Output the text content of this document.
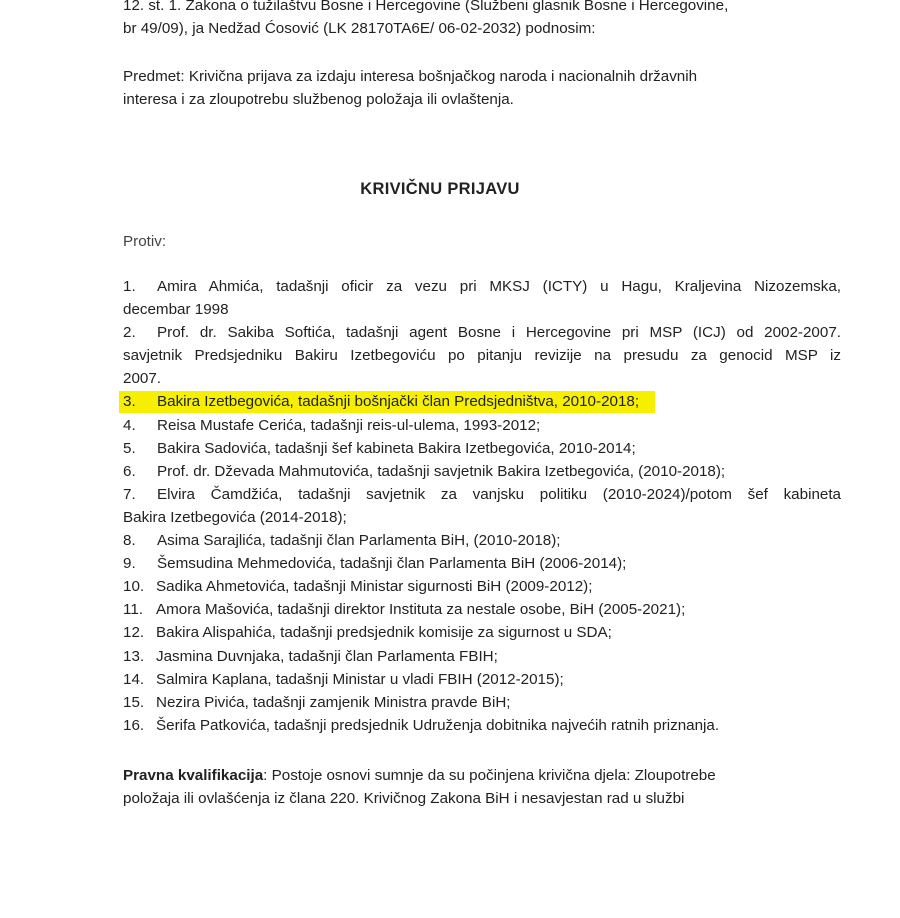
12. st. 1. Zakona o tužilaštvu Bosne i Hercegovine (Službeni glasnik Bosne i Hercegovine,
br 49/09), ja Nedžad Ćosović (LK 28170TA6E/ 06-02-2032) podnosim:
Predmet: Krivična prijava za izdaju interesa bošnjačkog naroda i nacionalnih državnih
interesa i za zloupotrebu službenog položaja ili ovlaštenja.
KRIVIČNU PRIJAVU
Protiv:
1. Amira Ahmića, tadašnji oficir za vezu pri MKSJ (ICTY) u Hagu, Kraljevina Nizozemska,
decembar 1998
2. Prof. dr. Sakiba Softića, tadašnji agent Bosne i Hercegovine pri MSP (ICJ) od 2002-2007.
savjetnik Predsjedniku Bakiru Izetbegoviću po pitanju revizije na presudu za genocid MSP iz
2007.
3. Bakira Izetbegovića, tadašnji bošnjački član Predsjedništva, 2010-2018;
4. Reisa Mustafe Cerića, tadašnji reis-ul-ulema, 1993-2012;
5. Bakira Sadovića, tadašnji šef kabineta Bakira Izetbegovića, 2010-2014;
6. Prof. dr. Dževada Mahmutovića, tadašnji savjetnik Bakira Izetbegovića, (2010-2018);
7. Elvira Čamdžića, tadašnji savjetnik za vanjsku politiku (2010-2024)/potom šef kabineta
Bakira Izetbegovića (2014-2018);
8. Asima Sarajlića, tadašnji član Parlamenta BiH, (2010-2018);
9. Šemsudina Mehmedovića, tadašnji član Parlamenta BiH (2006-2014);
10. Sadika Ahmetovića, tadašnji Ministar sigurnosti BiH (2009-2012);
11. Amora Mašovića, tadašnji direktor Instituta za nestale osobe, BiH (2005-2021);
12. Bakira Alispahića, tadašnji predsjednik komisije za sigurnost u SDA;
13. Jasmina Duvnjaka, tadašnji član Parlamenta FBIH;
14. Salmira Kaplana, tadašnji Ministar u vladi FBIH (2012-2015);
15. Nezira Pivića, tadašnji zamjenik Ministra pravde BiH;
16. Šerifa Patkovića, tadašnji predsjednik Udruženja dobitnika najvećih ratnih priznanja.
Pravna kvalifikacija: Postoje osnovi sumnje da su počinjena krivična djela: Zloupotrebe
položaja ili ovlašćenja iz člana 220. Krivičnog Zakona BiH i nesavjestan rad u službi
